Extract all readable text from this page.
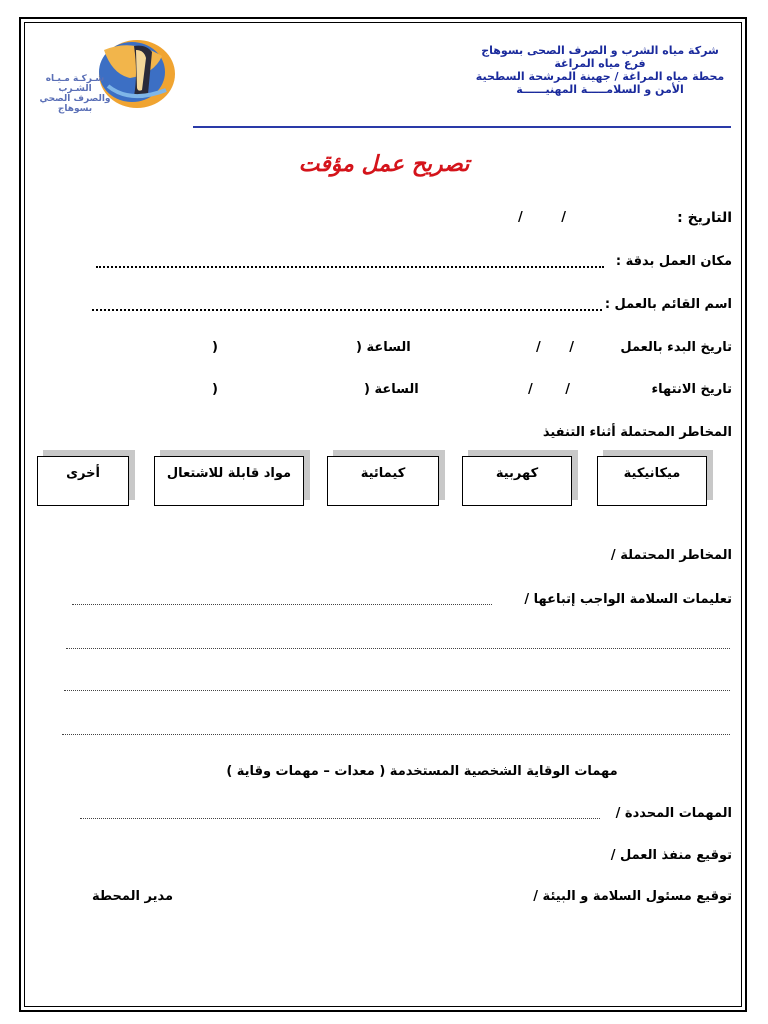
شـركـة مـيـاه الشـرب
والصرف الصحي بسوهاج
شركة مياه الشرب و الصرف الصحى بسوهاج
فرع مياه المراغة
محطة مياه المراغة / جهينة المرشحة السطحية
الأمن و السلامـــــة المهنيــــــة
تصريح عمل مؤقت
التاريخ :
/ /
مكان العمل بدقة :
اسم القائم بالعمل :
تاريخ البدء بالعمل
/ /
الساعة (
)
تاريخ الانتهاء
/ /
الساعة (
)
المخاطر المحتملة أثناء التنفيذ
ميكانيكية
كهربية
كيمائية
مواد قابلة للاشتعال
أخرى
المخاطر المحتملة /
تعليمات السلامة الواجب إتباعها /
مهمات الوقاية الشخصية المستخدمة ( معدات – مهمات وقاية )
المهمات المحددة /
توقيع منفذ العمل /
توقيع مسئول السلامة و البيئة /
مدير المحطة
